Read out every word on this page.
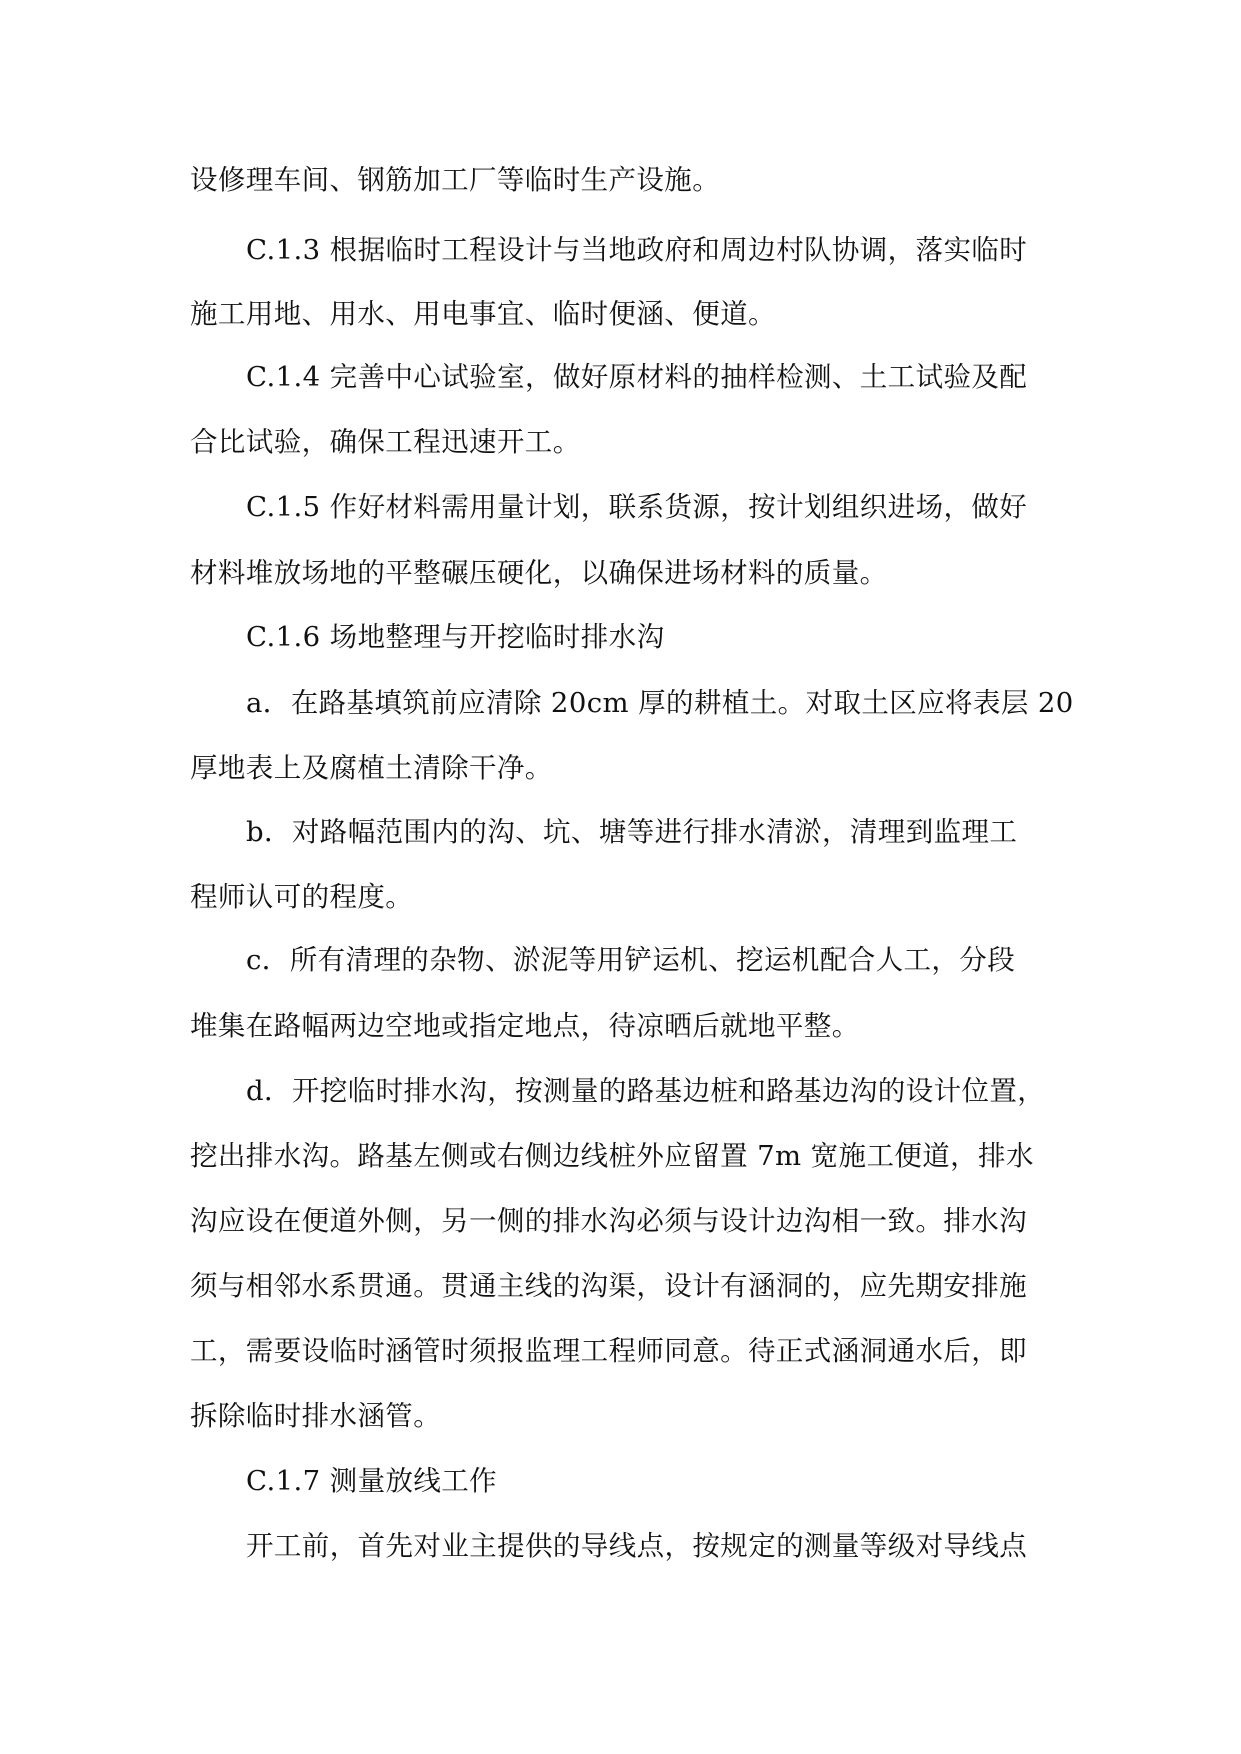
设修理车间、钢筋加工厂等临时生产设施。
C.1.3 根据临时工程设计与当地政府和周边村队协调，落实临时
施工用地、用水、用电事宜、临时便涵、便道。
C.1.4 完善中心试验室，做好原材料的抽样检测、土工试验及配
合比试验，确保工程迅速开工。
C.1.5 作好材料需用量计划，联系货源，按计划组织进场，做好
材料堆放场地的平整碾压硬化，以确保进场材料的质量。
C.1.6 场地整理与开挖临时排水沟
a．在路基填筑前应清除 20cm 厚的耕植土。对取土区应将表层 20
厚地表上及腐植土清除干净。
b．对路幅范围内的沟、坑、塘等进行排水清淤，清理到监理工
程师认可的程度。
c．所有清理的杂物、淤泥等用铲运机、挖运机配合人工，分段
堆集在路幅两边空地或指定地点，待凉晒后就地平整。
d．开挖临时排水沟，按测量的路基边桩和路基边沟的设计位置，
挖出排水沟。路基左侧或右侧边线桩外应留置 7m 宽施工便道，排水
沟应设在便道外侧，另一侧的排水沟必须与设计边沟相一致。排水沟
须与相邻水系贯通。贯通主线的沟渠，设计有涵洞的，应先期安排施
工，需要设临时涵管时须报监理工程师同意。待正式涵洞通水后，即
拆除临时排水涵管。
C.1.7 测量放线工作
开工前，首先对业主提供的导线点，按规定的测量等级对导线点
